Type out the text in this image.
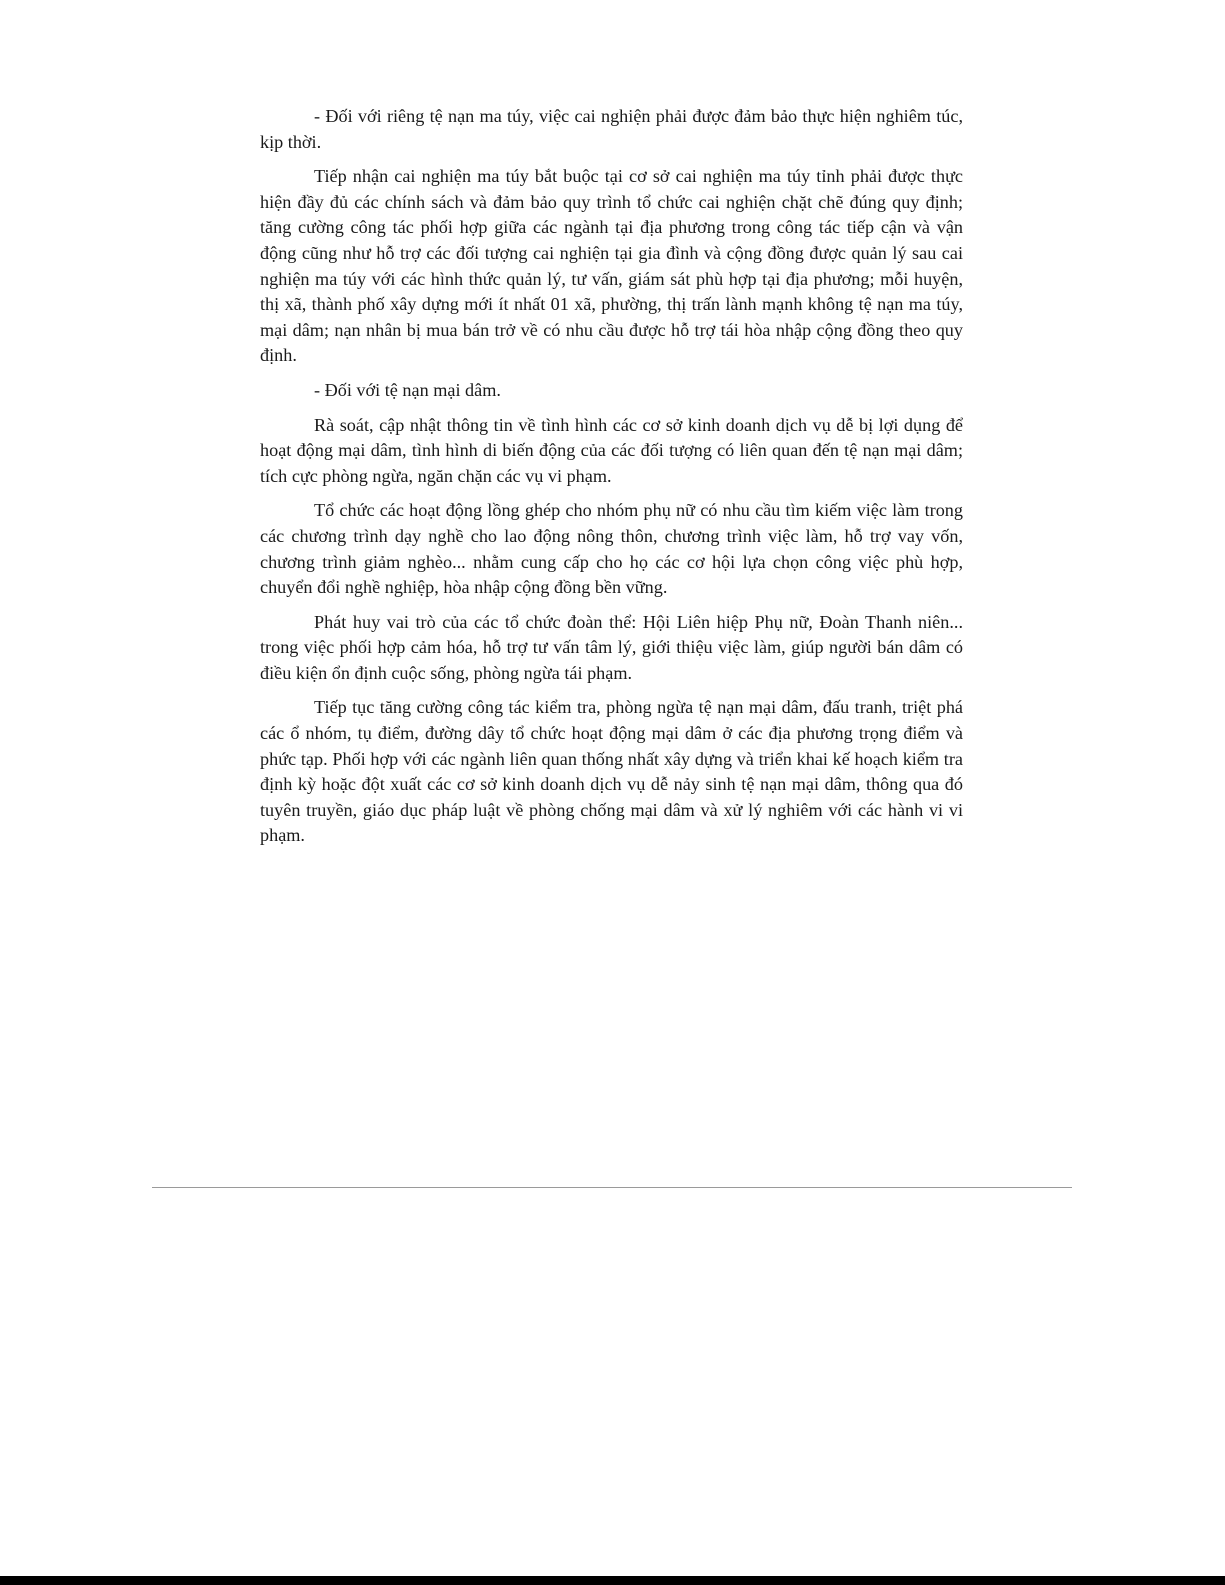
- Đối với riêng tệ nạn ma túy, việc cai nghiện phải được đảm bảo thực hiện nghiêm túc, kịp thời.

Tiếp nhận cai nghiện ma túy bắt buộc tại cơ sở cai nghiện ma túy tỉnh phải được thực hiện đầy đủ các chính sách và đảm bảo quy trình tổ chức cai nghiện chặt chẽ đúng quy định; tăng cường công tác phối hợp giữa các ngành tại địa phương trong công tác tiếp cận và vận động cũng như hỗ trợ các đối tượng cai nghiện tại gia đình và cộng đồng được quản lý sau cai nghiện ma túy với các hình thức quản lý, tư vấn, giám sát phù hợp tại địa phương; mỗi huyện, thị xã, thành phố xây dựng mới ít nhất 01 xã, phường, thị trấn lành mạnh không tệ nạn ma túy, mại dâm; nạn nhân bị mua bán trở về có nhu cầu được hỗ trợ tái hòa nhập cộng đồng theo quy định.

- Đối với tệ nạn mại dâm.

Rà soát, cập nhật thông tin về tình hình các cơ sở kinh doanh dịch vụ dễ bị lợi dụng để hoạt động mại dâm, tình hình di biến động của các đối tượng có liên quan đến tệ nạn mại dâm; tích cực phòng ngừa, ngăn chặn các vụ vi phạm.

Tổ chức các hoạt động lồng ghép cho nhóm phụ nữ có nhu cầu tìm kiếm việc làm trong các chương trình dạy nghề cho lao động nông thôn, chương trình việc làm, hỗ trợ vay vốn, chương trình giảm nghèo... nhằm cung cấp cho họ các cơ hội lựa chọn công việc phù hợp, chuyển đổi nghề nghiệp, hòa nhập cộng đồng bền vững.

Phát huy vai trò của các tổ chức đoàn thể: Hội Liên hiệp Phụ nữ, Đoàn Thanh niên... trong việc phối hợp cảm hóa, hỗ trợ tư vấn tâm lý, giới thiệu việc làm, giúp người bán dâm có điều kiện ổn định cuộc sống, phòng ngừa tái phạm.

Tiếp tục tăng cường công tác kiểm tra, phòng ngừa tệ nạn mại dâm, đấu tranh, triệt phá các ổ nhóm, tụ điểm, đường dây tổ chức hoạt động mại dâm ở các địa phương trọng điểm và phức tạp. Phối hợp với các ngành liên quan thống nhất xây dựng và triển khai kế hoạch kiểm tra định kỳ hoặc đột xuất các cơ sở kinh doanh dịch vụ dễ nảy sinh tệ nạn mại dâm, thông qua đó tuyên truyền, giáo dục pháp luật về phòng chống mại dâm và xử lý nghiêm với các hành vi vi phạm.
